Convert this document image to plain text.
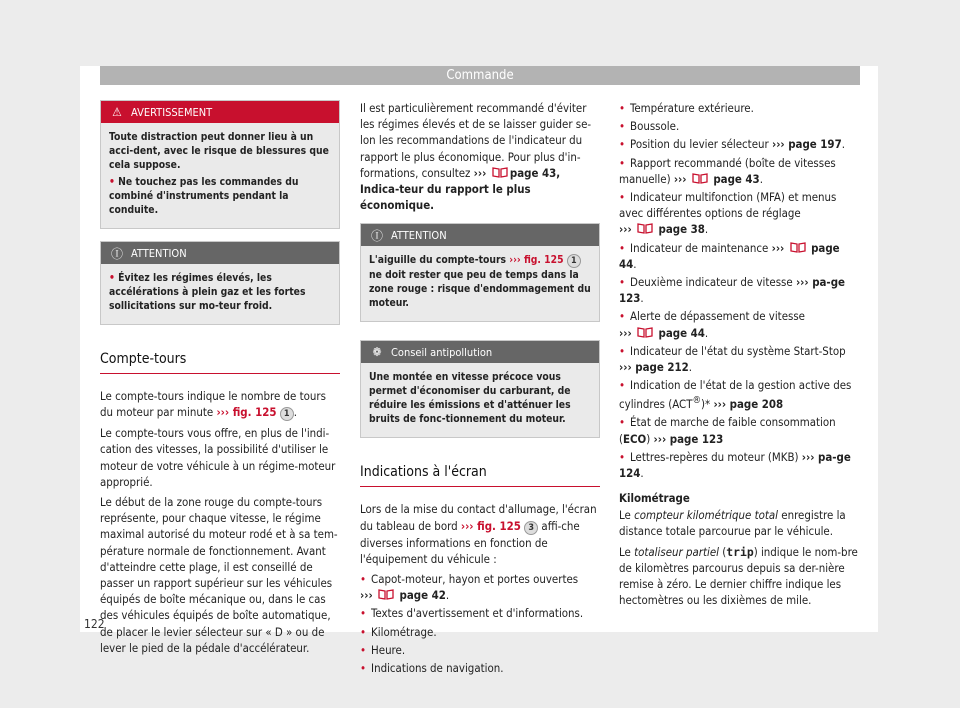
Commande
⚠ AVERTISSEMENT

Toute distraction peut donner lieu à un acci-dent, avec le risque de blessures que cela suppose.

• Ne touchez pas les commandes du combiné d'instruments pendant la conduite.

Ⓘ ATTENTION

• Évitez les régimes élevés, les accélérations à plein gaz et les fortes sollicitations sur mo-teur froid.

Compte-tours

Le compte-tours indique le nombre de tours du moteur par minute ››› fig. 125 1 .

Le compte-tours vous offre, en plus de l'indi-cation des vitesses, la possibilité d'utiliser le moteur de votre véhicule à un régime-moteur approprié.

Le début de la zone rouge du compte-tours représente, pour chaque vitesse, le régime maximal autorisé du moteur rodé et à sa tem-pérature normale de fonctionnement. Avant d'atteindre cette plage, il est conseillé de passer un rapport supérieur sur les véhicules équipés de boîte mécanique ou, dans le cas des véhicules équipés de boîte automatique, de placer le levier sélecteur sur « D » ou de lever le pied de la pédale d'accélérateur.

Il est particulièrement recommandé d'éviter les régimes élevés et de se laisser guider se-lon les recommandations de l'indicateur du rapport le plus économique. Pour plus d'in-formations, consultez ››› page 43, Indica-teur du rapport le plus économique.

Ⓘ ATTENTION

L'aiguille du compte-tours ››› fig. 125 1 ne doit rester que peu de temps dans la zone rouge : risque d'endommagement du moteur.

❁ Conseil antipollution

Une montée en vitesse précoce vous permet d'économiser du carburant, de réduire les émissions et d'atténuer les bruits de fonc-tionnement du moteur.

Indications à l'écran

Lors de la mise du contact d'allumage, l'écran du tableau de bord ››› fig. 125 3 affi-che diverses informations en fonction de l'équipement du véhicule :

• Capot-moteur, hayon et portes ouvertes
›››  page 42.
• Textes d'avertissement et d'informations.
• Kilométrage.
• Heure.
• Indications de navigation.
• Température extérieure.
• Boussole.
• Position du levier sélecteur ››› page 197.
• Rapport recommandé (boîte de vitesses manuelle) ›››  page 43.
• Indicateur multifonction (MFA) et menus avec différentes options de réglage
›››  page 38.
• Indicateur de maintenance ›››  page 44.
• Deuxième indicateur de vitesse ››› pa-ge 123.
• Alerte de dépassement de vitesse
›››  page 44.
• Indicateur de l'état du système Start-Stop
››› page 212.
• Indication de l'état de la gestion active des cylindres (ACT®)* ››› page 208
• État de marche de faible consommation
(ECO) ››› page 123
• Lettres-repères du moteur (MKB) ››› pa-ge 124.
Kilométrage

Le compteur kilométrique total enregistre la distance totale parcourue par le véhicule.

Le totaliseur partiel (trip) indique le nom-bre de kilomètres parcourus depuis sa der-nière remise à zéro. Le dernier chiffre indique les hectomètres ou les dixièmes de mile.

122
